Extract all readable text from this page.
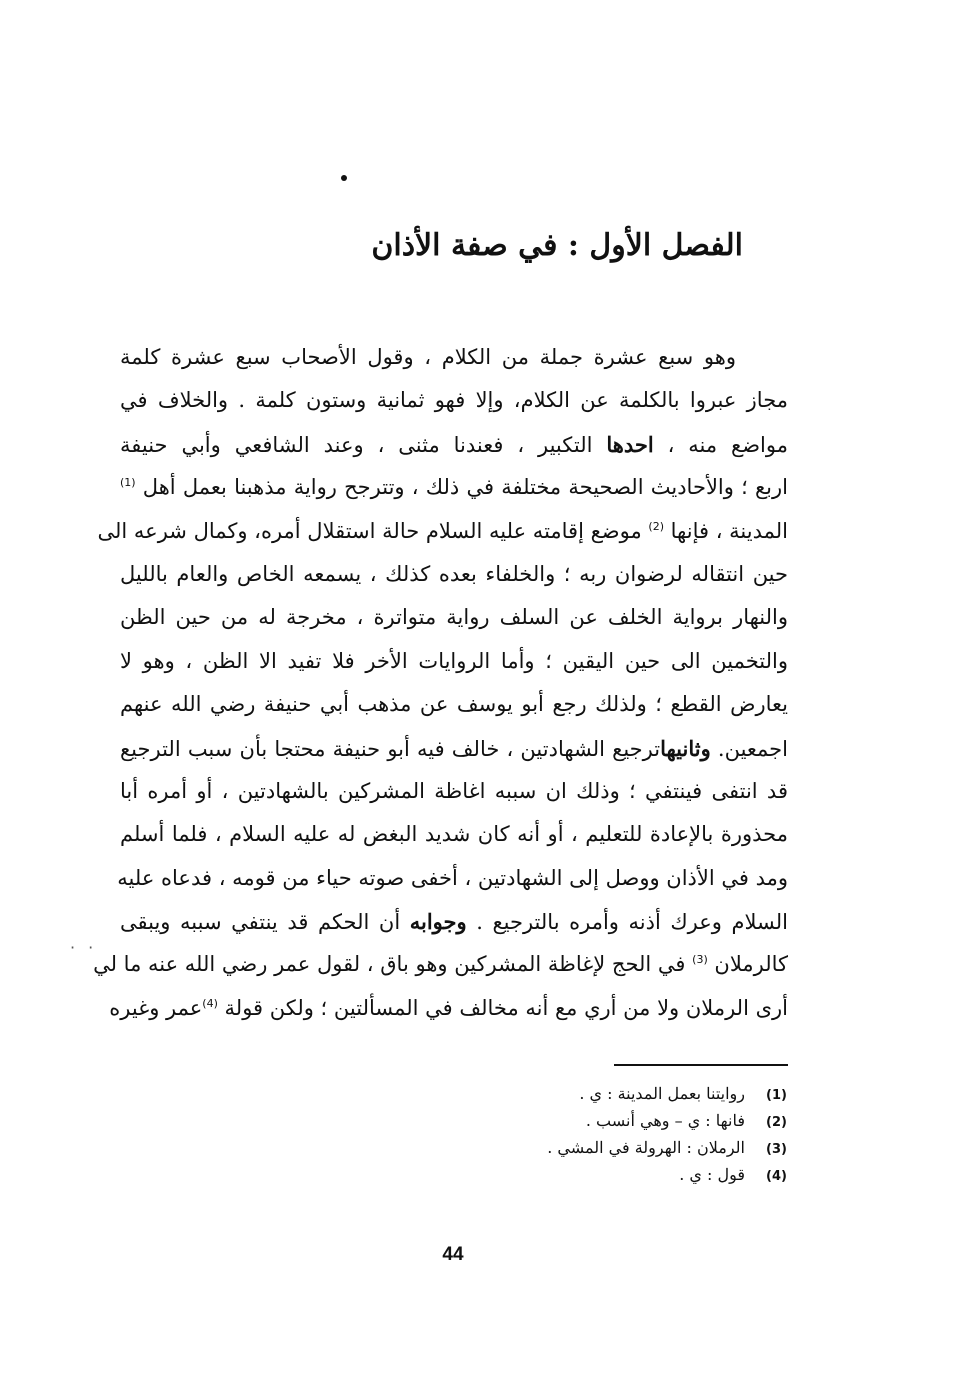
· ·
الفصل الأول : في صفة الأذان
وهو سبع عشرة جملة من الكلام ، وقول الأصحاب سبع عشرة كلمة
مجاز عبروا بالكلمة عن الكلام، وإلا فهو ثمانية وستون كلمة . والخلاف في
مواضع منه ، احدها التكبير ، فعندنا مثنى ، وعند الشافعي وأبي حنيفة
اربع ؛ والأحاديث الصحيحة مختلفة في ذلك ، وتترجح رواية مذهبنا بعمل أهل $^{(1)}$
المدينة ، فإنها $^{(2)}$ موضع إقامته عليه السلام حالة استقلال أمره، وكمال شرعه الى
حين انتقاله لرضوان ربه ؛ والخلفاء بعده كذلك ، يسمعه الخاص والعام بالليل
والنهار برواية الخلف عن السلف رواية متواترة ، مخرجة له من حين الظن
والتخمين الى حين اليقين ؛ وأما الروايات الأخر فلا تفيد الا الظن ، وهو لا
يعارض القطع ؛ ولذلك رجع أبو يوسف عن مذهب أبي حنيفة رضي الله عنهم
اجمعين. وثانيهاترجيع الشهادتين ، خالف فيه أبو حنيفة محتجا بأن سبب الترجيع
قد انتفى فينتفي ؛ وذلك ان سببه اغاظة المشركين بالشهادتين ، أو أمره أبا
محذورة بالإعادة للتعليم ، أو أنه كان شديد البغض له عليه السلام ، فلما أسلم
ومد في الأذان ووصل إلى الشهادتين ، أخفى صوته حياء من قومه ، فدعاه عليه
السلام وعرك أذنه وأمره بالترجيع . وجوابه أن الحكم قد ينتفي سببه ويبقى
كالرملان $^{(3)}$ في الحج لإغاظة المشركين وهو باق ، لقول عمر رضي الله عنه ما لي
أرى الرملان ولا من أري مع أنه مخالف في المسألتين ؛ ولكن قولة $^{(4)}$عمر وغيره
(1)روايتنا بعمل المدينة : ي .
(2)فانها : ي – وهي أنسب .
(3)الرملان : الهرولة في المشي .
(4)قول : ي .
44
